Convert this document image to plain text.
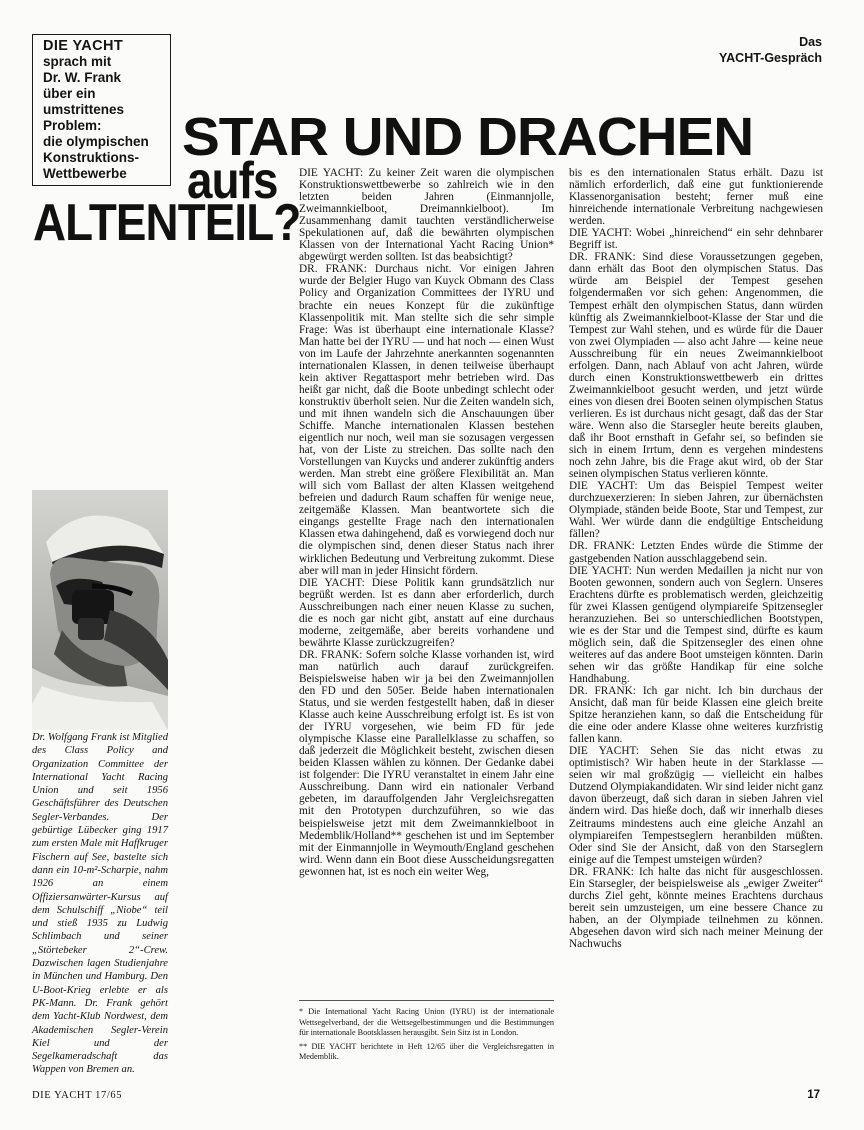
DIE YACHT
sprach mit
Dr. W. Frank
über ein
umstrittenes
Problem:
die olympischen
Konstruktions-
Wettbewerbe
Das
YACHT-Gespräch
STAR UND DRACHEN
aufs
ALTENTEIL?

Dr. Wolfgang Frank ist Mitglied des Class Policy and Organization Committee der International Yacht Racing Union und seit 1956 Geschäftsführer des Deutschen Segler-Verbandes. Der gebürtige Lübecker ging 1917 zum ersten Male mit Haffkruger Fischern auf See, bastelte sich dann ein 10-m²-Scharpie, nahm 1926 an einem Offiziersanwärter-Kursus auf dem Schulschiff „Niobe“ teil und stieß 1935 zu Ludwig Schlimbach und seiner „Störtebeker 2“-Crew. Dazwischen lagen Studienjahre in München und Hamburg. Den U-Boot-Krieg erlebte er als PK-Mann. Dr. Frank gehört dem Yacht-Klub Nordwest, dem Akademischen Segler-Verein Kiel und der Segelkameradschaft das Wappen von Bremen an.

DIE YACHT: Zu keiner Zeit waren die olympischen Konstruktionswettbewerbe so zahlreich wie in den letzten beiden Jahren (Einmannjolle, Zweimannkielboot, Dreimannkielboot). Im Zusammenhang damit tauchten verständlicherweise Spekulationen auf, daß die bewährten olympischen Klassen von der International Yacht Racing Union* abgewürgt werden sollten. Ist das beabsichtigt?

DR. FRANK: Durchaus nicht. Vor einigen Jahren wurde der Belgier Hugo van Kuyck Obmann des Class Policy and Organization Committees der IYRU und brachte ein neues Konzept für die zukünftige Klassenpolitik mit. Man stellte sich die sehr simple Frage: Was ist überhaupt eine internationale Klasse? Man hatte bei der IYRU — und hat noch — einen Wust von im Laufe der Jahrzehnte anerkannten sogenannten internationalen Klassen, in denen teilweise überhaupt kein aktiver Regattasport mehr betrieben wird. Das heißt gar nicht, daß die Boote unbedingt schlecht oder konstruktiv überholt seien. Nur die Zeiten wandeln sich, und mit ihnen wandeln sich die Anschauungen über Schiffe. Manche internationalen Klassen bestehen eigentlich nur noch, weil man sie sozusagen vergessen hat, von der Liste zu streichen. Das sollte nach den Vorstellungen van Kuycks und anderer zukünftig anders werden. Man strebt eine größere Flexibilität an. Man will sich vom Ballast der alten Klassen weitgehend befreien und dadurch Raum schaffen für wenige neue, zeitgemäße Klassen. Man beantwortete sich die eingangs gestellte Frage nach den internationalen Klassen etwa dahingehend, daß es vorwiegend doch nur die olympischen sind, denen dieser Status nach ihrer wirklichen Bedeutung und Verbreitung zukommt. Diese aber will man in jeder Hinsicht fördern.

DIE YACHT: Diese Politik kann grundsätzlich nur begrüßt werden. Ist es dann aber erforderlich, durch Ausschreibungen nach einer neuen Klasse zu suchen, die es noch gar nicht gibt, anstatt auf eine durchaus moderne, zeitgemäße, aber bereits vorhandene und bewährte Klasse zurückzugreifen?

DR. FRANK: Sofern solche Klasse vorhanden ist, wird man natürlich auch darauf zurückgreifen. Beispielsweise haben wir ja bei den Zweimannjollen den FD und den 505er. Beide haben internationalen Status, und sie werden festgestellt haben, daß in dieser Klasse auch keine Ausschreibung erfolgt ist. Es ist von der IYRU vorgesehen, wie beim FD für jede olympische Klasse eine Parallelklasse zu schaffen, so daß jederzeit die Möglichkeit besteht, zwischen diesen beiden Klassen wählen zu können. Der Gedanke dabei ist folgender: Die IYRU veranstaltet in einem Jahr eine Ausschreibung. Dann wird ein nationaler Verband gebeten, im darauffolgenden Jahr Vergleichsregatten mit den Prototypen durchzuführen, so wie das beispielsweise jetzt mit dem Zweimannkielboot in Medemblik/Holland** geschehen ist und im September mit der Einmannjolle in Weymouth/England geschehen wird. Wenn dann ein Boot diese Ausscheidungsregatten gewonnen hat, ist es noch ein weiter Weg,

* Die International Yacht Racing Union (IYRU) ist der internationale Wettsegelverband, der die Wettsegelbestimmungen und die Bestimmungen für internationale Bootsklassen herausgibt. Sein Sitz ist in London.

** DIE YACHT berichtete in Heft 12/65 über die Vergleichsregatten in Medemblik.

bis es den internationalen Status erhält. Dazu ist nämlich erforderlich, daß eine gut funktionierende Klassenorganisation besteht; ferner muß eine hinreichende internationale Verbreitung nachgewiesen werden.

DIE YACHT: Wobei „hinreichend“ ein sehr dehnbarer Begriff ist.

DR. FRANK: Sind diese Voraussetzungen gegeben, dann erhält das Boot den olympischen Status. Das würde am Beispiel der Tempest gesehen folgendermaßen vor sich gehen: Angenommen, die Tempest erhält den olympischen Status, dann würden künftig als Zweimannkielboot-Klasse der Star und die Tempest zur Wahl stehen, und es würde für die Dauer von zwei Olympiaden — also acht Jahre — keine neue Ausschreibung für ein neues Zweimannkielboot erfolgen. Dann, nach Ablauf von acht Jahren, würde durch einen Konstruktionswettbewerb ein drittes Zweimannkielboot gesucht werden, und jetzt würde eines von diesen drei Booten seinen olympischen Status verlieren. Es ist durchaus nicht gesagt, daß das der Star wäre. Wenn also die Starsegler heute bereits glauben, daß ihr Boot ernsthaft in Gefahr sei, so befinden sie sich in einem Irrtum, denn es vergehen mindestens noch zehn Jahre, bis die Frage akut wird, ob der Star seinen olympischen Status verlieren könnte.

DIE YACHT: Um das Beispiel Tempest weiter durchzuexerzieren: In sieben Jahren, zur übernächsten Olympiade, ständen beide Boote, Star und Tempest, zur Wahl. Wer würde dann die endgültige Entscheidung fällen?

DR. FRANK: Letzten Endes würde die Stimme der gastgebenden Nation ausschlaggebend sein.

DIE YACHT: Nun werden Medaillen ja nicht nur von Booten gewonnen, sondern auch von Seglern. Unseres Erachtens dürfte es problematisch werden, gleichzeitig für zwei Klassen genügend olympiareife Spitzensegler heranzuziehen. Bei so unterschiedlichen Bootstypen, wie es der Star und die Tempest sind, dürfte es kaum möglich sein, daß die Spitzensegler des einen ohne weiteres auf das andere Boot umsteigen könnten. Darin sehen wir das größte Handikap für eine solche Handhabung.

DR. FRANK: Ich gar nicht. Ich bin durchaus der Ansicht, daß man für beide Klassen eine gleich breite Spitze heranziehen kann, so daß die Entscheidung für die eine oder andere Klasse ohne weiteres kurzfristig fallen kann.

DIE YACHT: Sehen Sie das nicht etwas zu optimistisch? Wir haben heute in der Starklasse — seien wir mal großzügig — vielleicht ein halbes Dutzend Olympiakandidaten. Wir sind leider nicht ganz davon überzeugt, daß sich daran in sieben Jahren viel ändern wird. Das hieße doch, daß wir innerhalb dieses Zeitraums mindestens auch eine gleiche Anzahl an olympiareifen Tempestseglern heranbilden müßten. Oder sind Sie der Ansicht, daß von den Starseglern einige auf die Tempest umsteigen würden?

DR. FRANK: Ich halte das nicht für ausgeschlossen. Ein Starsegler, der beispielsweise als „ewiger Zweiter“ durchs Ziel geht, könnte meines Erachtens durchaus bereit sein umzusteigen, um eine bessere Chance zu haben, an der Olympiade teilnehmen zu können. Abgesehen davon wird sich nach meiner Meinung der Nachwuchs

DIE YACHT 17/65	17
